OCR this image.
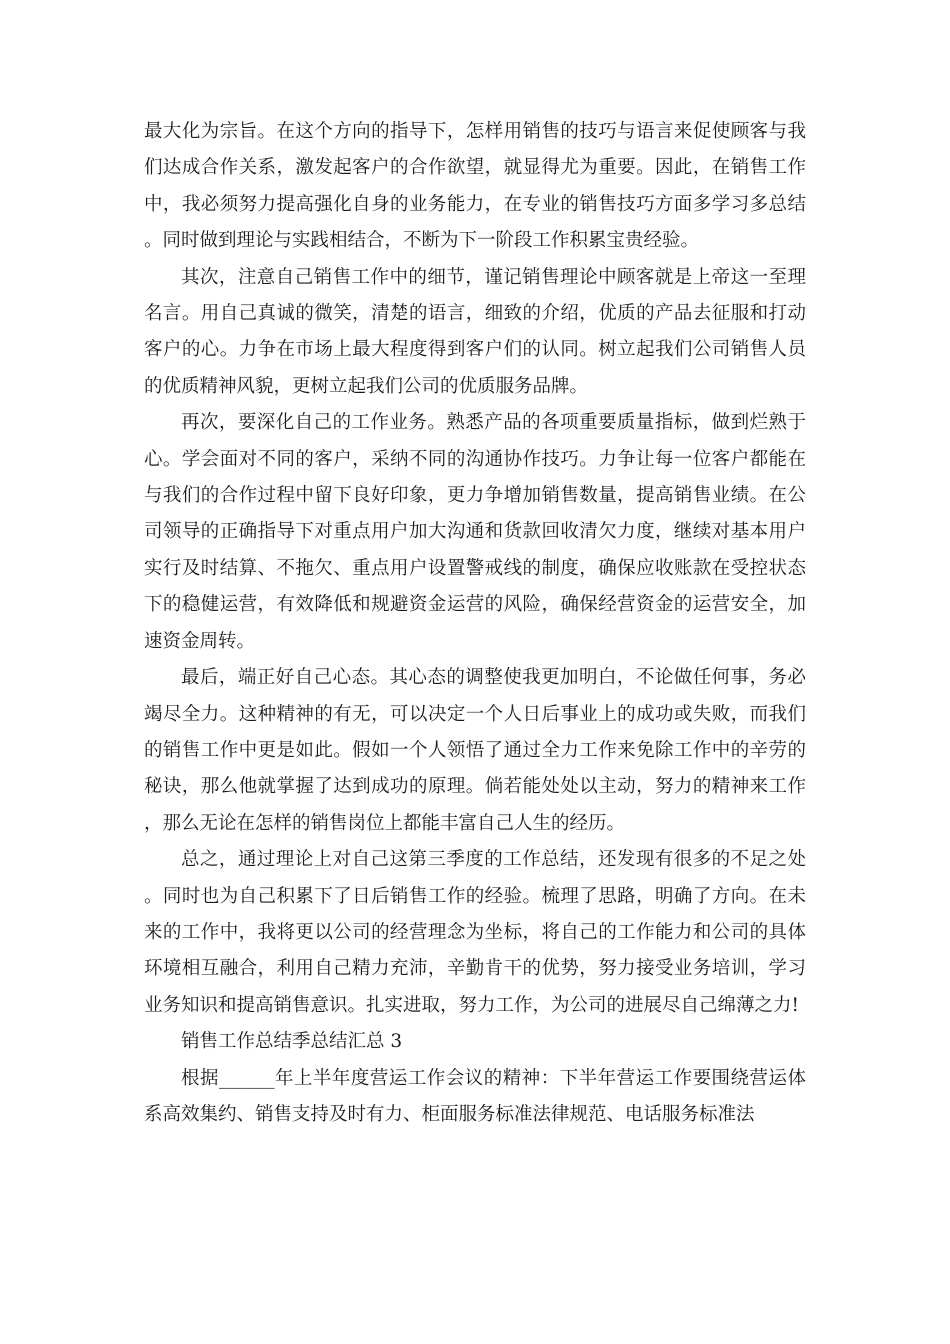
最大化为宗旨。在这个方向的指导下，怎样用销售的技巧与语言来促使顾客与我们达成合作关系，激发起客户的合作欲望，就显得尤为重要。因此，在销售工作中，我必须努力提高强化自身的业务能力，在专业的销售技巧方面多学习多总结。同时做到理论与实践相结合，不断为下一阶段工作积累宝贵经验。

其次，注意自己销售工作中的细节，谨记销售理论中顾客就是上帝这一至理名言。用自己真诚的微笑，清楚的语言，细致的介绍，优质的产品去征服和打动客户的心。力争在市场上最大程度得到客户们的认同。树立起我们公司销售人员的优质精神风貌，更树立起我们公司的优质服务品牌。

再次，要深化自己的工作业务。熟悉产品的各项重要质量指标，做到烂熟于心。学会面对不同的客户，采纳不同的沟通协作技巧。力争让每一位客户都能在与我们的合作过程中留下良好印象，更力争增加销售数量，提高销售业绩。在公司领导的正确指导下对重点用户加大沟通和货款回收清欠力度，继续对基本用户实行及时结算、不拖欠、重点用户设置警戒线的制度，确保应收账款在受控状态下的稳健运营，有效降低和规避资金运营的风险，确保经营资金的运营安全，加速资金周转。

最后，端正好自己心态。其心态的调整使我更加明白，不论做任何事，务必竭尽全力。这种精神的有无，可以决定一个人日后事业上的成功或失败，而我们的销售工作中更是如此。假如一个人领悟了通过全力工作来免除工作中的辛劳的秘诀，那么他就掌握了达到成功的原理。倘若能处处以主动，努力的精神来工作，那么无论在怎样的销售岗位上都能丰富自己人生的经历。

总之，通过理论上对自己这第三季度的工作总结，还发现有很多的不足之处。同时也为自己积累下了日后销售工作的经验。梳理了思路，明确了方向。在未来的工作中，我将更以公司的经营理念为坐标，将自己的工作能力和公司的具体环境相互融合，利用自己精力充沛，辛勤肯干的优势，努力接受业务培训，学习业务知识和提高销售意识。扎实进取，努力工作，为公司的进展尽自己绵薄之力!

销售工作总结季总结汇总 3

根据______年上半年度营运工作会议的精神：下半年营运工作要围绕营运体系高效集约、销售支持及时有力、柜面服务标准法律规范、电话服务标准法
